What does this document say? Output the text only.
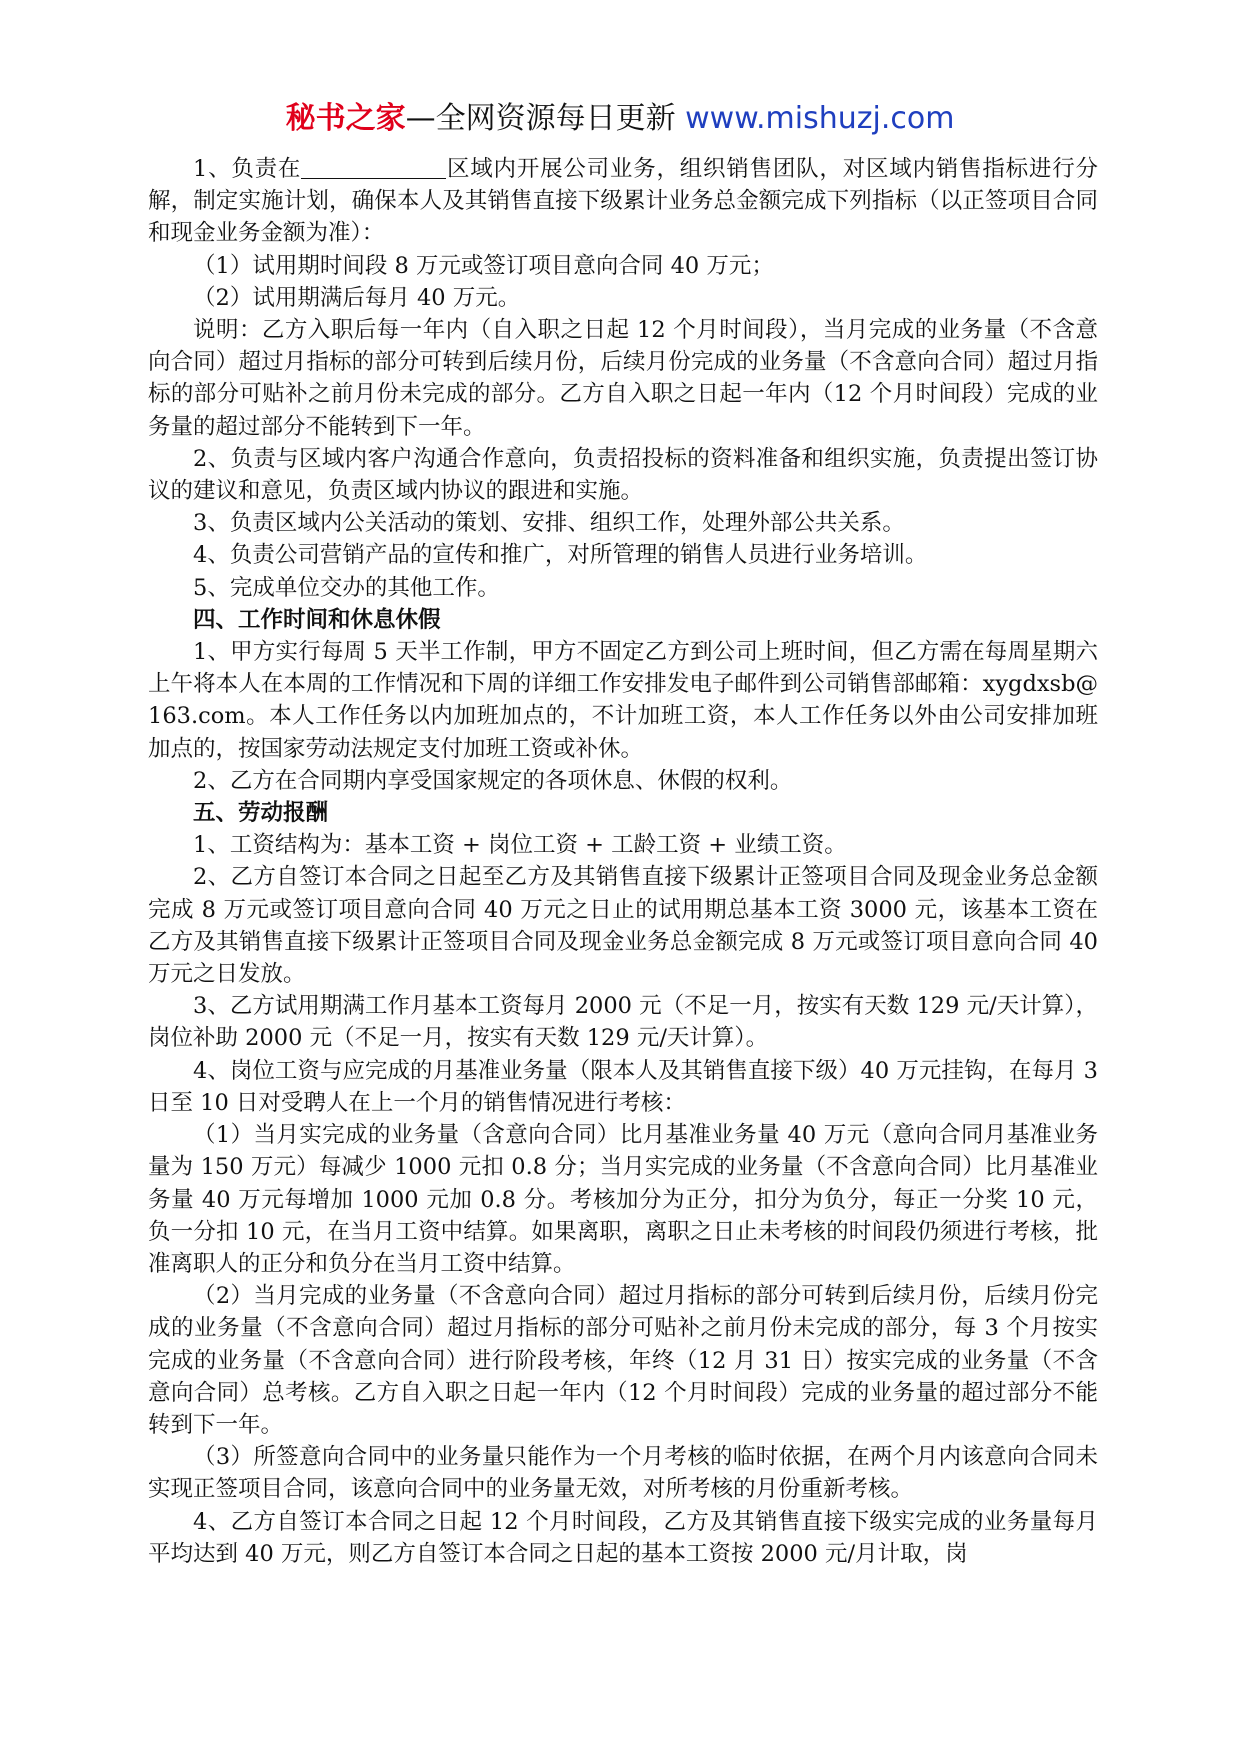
秘书之家—全网资源每日更新 www.mishuzj.com

1、负责在	区域内开展公司业务，组织销售团队，对区域内销售指标进行分解，制定实施计划，确保本人及其销售直接下级累计业务总金额完成下列指标（以正签项目合同和现金业务金额为准）：

（1）试用期时间段 8 万元或签订项目意向合同 40 万元；

（2）试用期满后每月 40 万元。

说明：乙方入职后每一年内（自入职之日起 12 个月时间段），当月完成的业务量（不含意向合同）超过月指标的部分可转到后续月份，后续月份完成的业务量（不含意向合同）超过月指标的部分可贴补之前月份未完成的部分。乙方自入职之日起一年内（12 个月时间段）完成的业务量的超过部分不能转到下一年。

2、负责与区域内客户沟通合作意向，负责招投标的资料准备和组织实施，负责提出签订协议的建议和意见，负责区域内协议的跟进和实施。

3、负责区域内公关活动的策划、安排、组织工作，处理外部公共关系。

4、负责公司营销产品的宣传和推广，对所管理的销售人员进行业务培训。

5、完成单位交办的其他工作。

四、工作时间和休息休假

1、甲方实行每周 5 天半工作制，甲方不固定乙方到公司上班时间，但乙方需在每周星期六上午将本人在本周的工作情况和下周的详细工作安排发电子邮件到公司销售部邮箱：xygdxsb@163.com。本人工作任务以内加班加点的，不计加班工资，本人工作任务以外由公司安排加班加点的，按国家劳动法规定支付加班工资或补休。

2、乙方在合同期内享受国家规定的各项休息、休假的权利。

五、劳动报酬

1、工资结构为：基本工资 + 岗位工资 + 工龄工资 + 业绩工资。

2、乙方自签订本合同之日起至乙方及其销售直接下级累计正签项目合同及现金业务总金额完成 8 万元或签订项目意向合同 40 万元之日止的试用期总基本工资 3000 元，该基本工资在乙方及其销售直接下级累计正签项目合同及现金业务总金额完成 8 万元或签订项目意向合同 40 万元之日发放。

3、乙方试用期满工作月基本工资每月 2000 元（不足一月，按实有天数 129 元/天计算），岗位补助 2000 元（不足一月，按实有天数 129 元/天计算）。

4、岗位工资与应完成的月基准业务量（限本人及其销售直接下级）40 万元挂钩，在每月 3 日至 10 日对受聘人在上一个月的销售情况进行考核：

（1）当月实完成的业务量（含意向合同）比月基准业务量 40 万元（意向合同月基准业务量为 150 万元）每减少 1000 元扣 0.8 分；当月实完成的业务量（不含意向合同）比月基准业务量 40 万元每增加 1000 元加 0.8 分。考核加分为正分，扣分为负分，每正一分奖 10 元，负一分扣 10 元，在当月工资中结算。如果离职，离职之日止未考核的时间段仍须进行考核，批准离职人的正分和负分在当月工资中结算。

（2）当月完成的业务量（不含意向合同）超过月指标的部分可转到后续月份，后续月份完成的业务量（不含意向合同）超过月指标的部分可贴补之前月份未完成的部分，每 3 个月按实完成的业务量（不含意向合同）进行阶段考核，年终（12 月 31 日）按实完成的业务量（不含意向合同）总考核。乙方自入职之日起一年内（12 个月时间段）完成的业务量的超过部分不能转到下一年。

（3）所签意向合同中的业务量只能作为一个月考核的临时依据，在两个月内该意向合同未实现正签项目合同，该意向合同中的业务量无效，对所考核的月份重新考核。

4、乙方自签订本合同之日起 12 个月时间段，乙方及其销售直接下级实完成的业务量每月平均达到 40 万元，则乙方自签订本合同之日起的基本工资按 2000 元/月计取，岗
